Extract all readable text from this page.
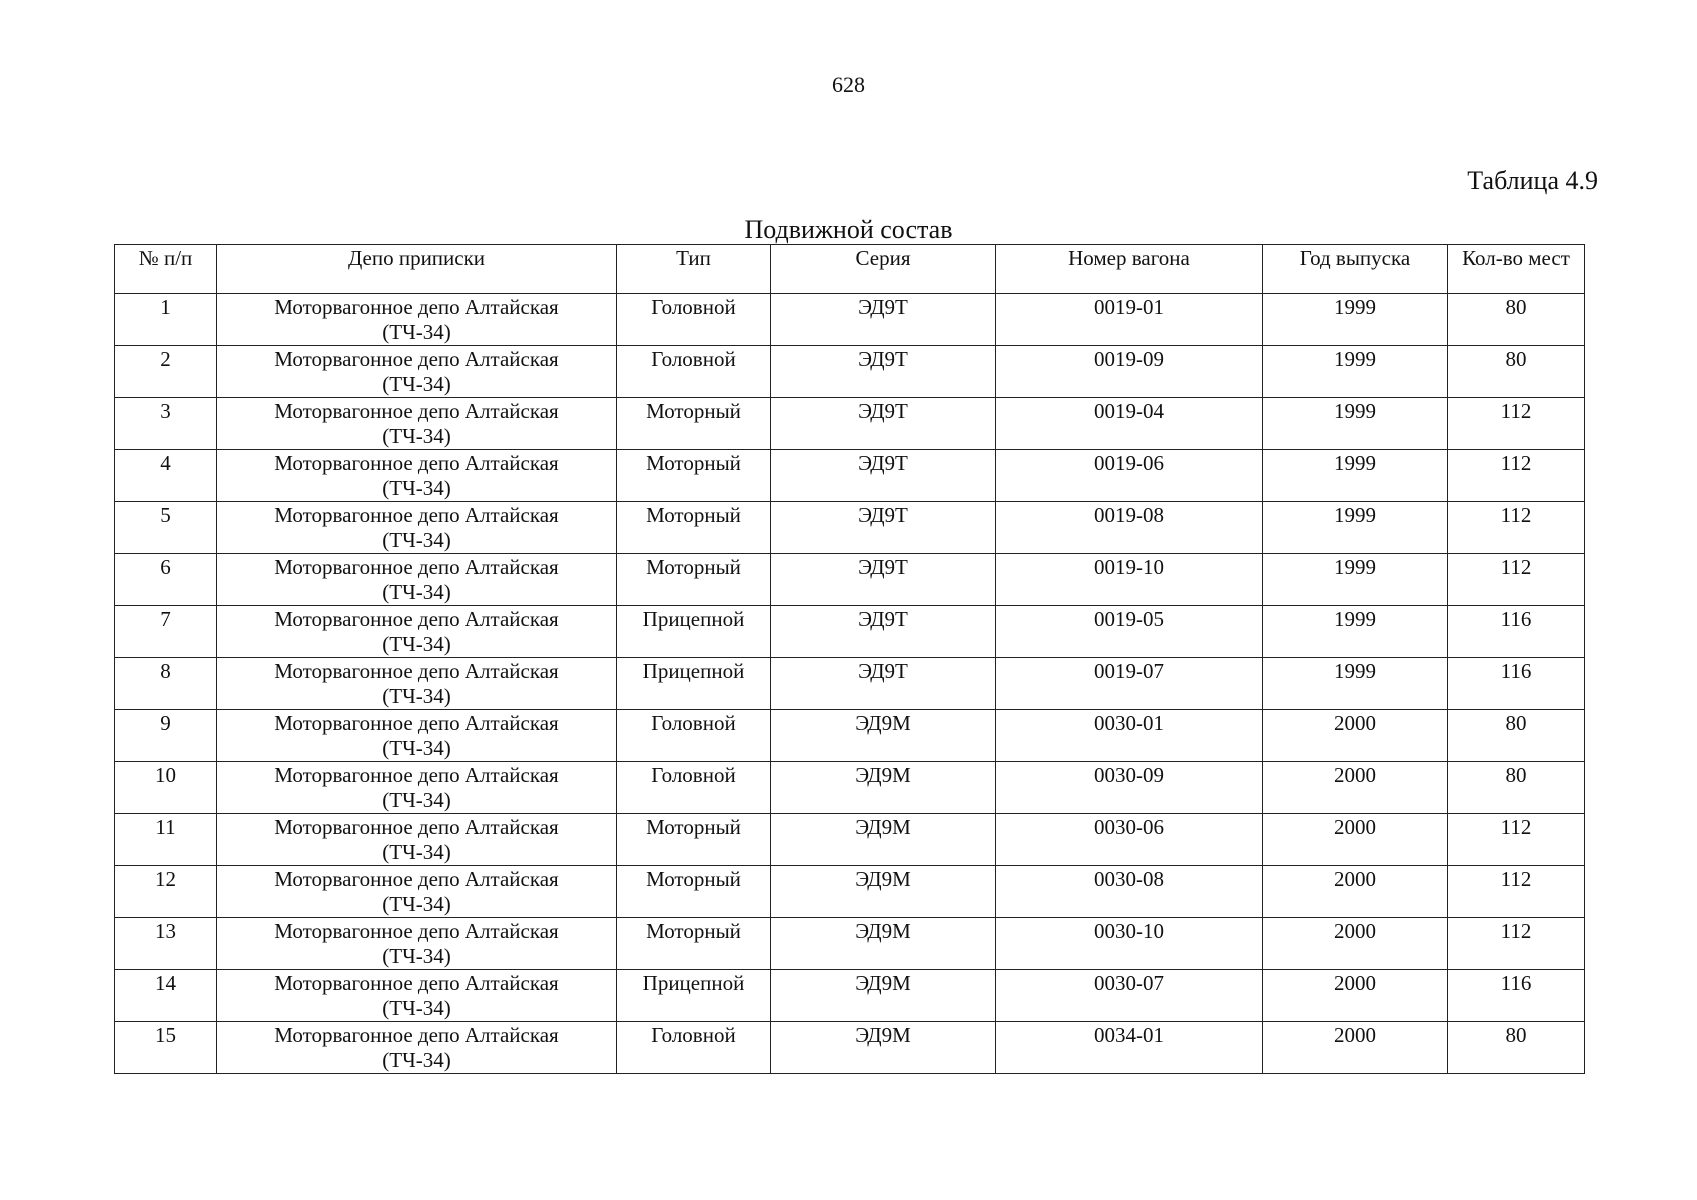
628
Таблица 4.9
Подвижной состав
№ п/п	Депо приписки	Тип	Серия	Номер вагона	Год выпуска	Кол-во мест
1	Моторвагонное депо Алтайская (ТЧ-34)	Головной	ЭД9Т	0019-01	1999	80
2	Моторвагонное депо Алтайская (ТЧ-34)	Головной	ЭД9Т	0019-09	1999	80
3	Моторвагонное депо Алтайская (ТЧ-34)	Моторный	ЭД9Т	0019-04	1999	112
4	Моторвагонное депо Алтайская (ТЧ-34)	Моторный	ЭД9Т	0019-06	1999	112
5	Моторвагонное депо Алтайская (ТЧ-34)	Моторный	ЭД9Т	0019-08	1999	112
6	Моторвагонное депо Алтайская (ТЧ-34)	Моторный	ЭД9Т	0019-10	1999	112
7	Моторвагонное депо Алтайская (ТЧ-34)	Прицепной	ЭД9Т	0019-05	1999	116
8	Моторвагонное депо Алтайская (ТЧ-34)	Прицепной	ЭД9Т	0019-07	1999	116
9	Моторвагонное депо Алтайская (ТЧ-34)	Головной	ЭД9М	0030-01	2000	80
10	Моторвагонное депо Алтайская (ТЧ-34)	Головной	ЭД9М	0030-09	2000	80
11	Моторвагонное депо Алтайская (ТЧ-34)	Моторный	ЭД9М	0030-06	2000	112
12	Моторвагонное депо Алтайская (ТЧ-34)	Моторный	ЭД9М	0030-08	2000	112
13	Моторвагонное депо Алтайская (ТЧ-34)	Моторный	ЭД9М	0030-10	2000	112
14	Моторвагонное депо Алтайская (ТЧ-34)	Прицепной	ЭД9М	0030-07	2000	116
15	Моторвагонное депо Алтайская (ТЧ-34)	Головной	ЭД9М	0034-01	2000	80
